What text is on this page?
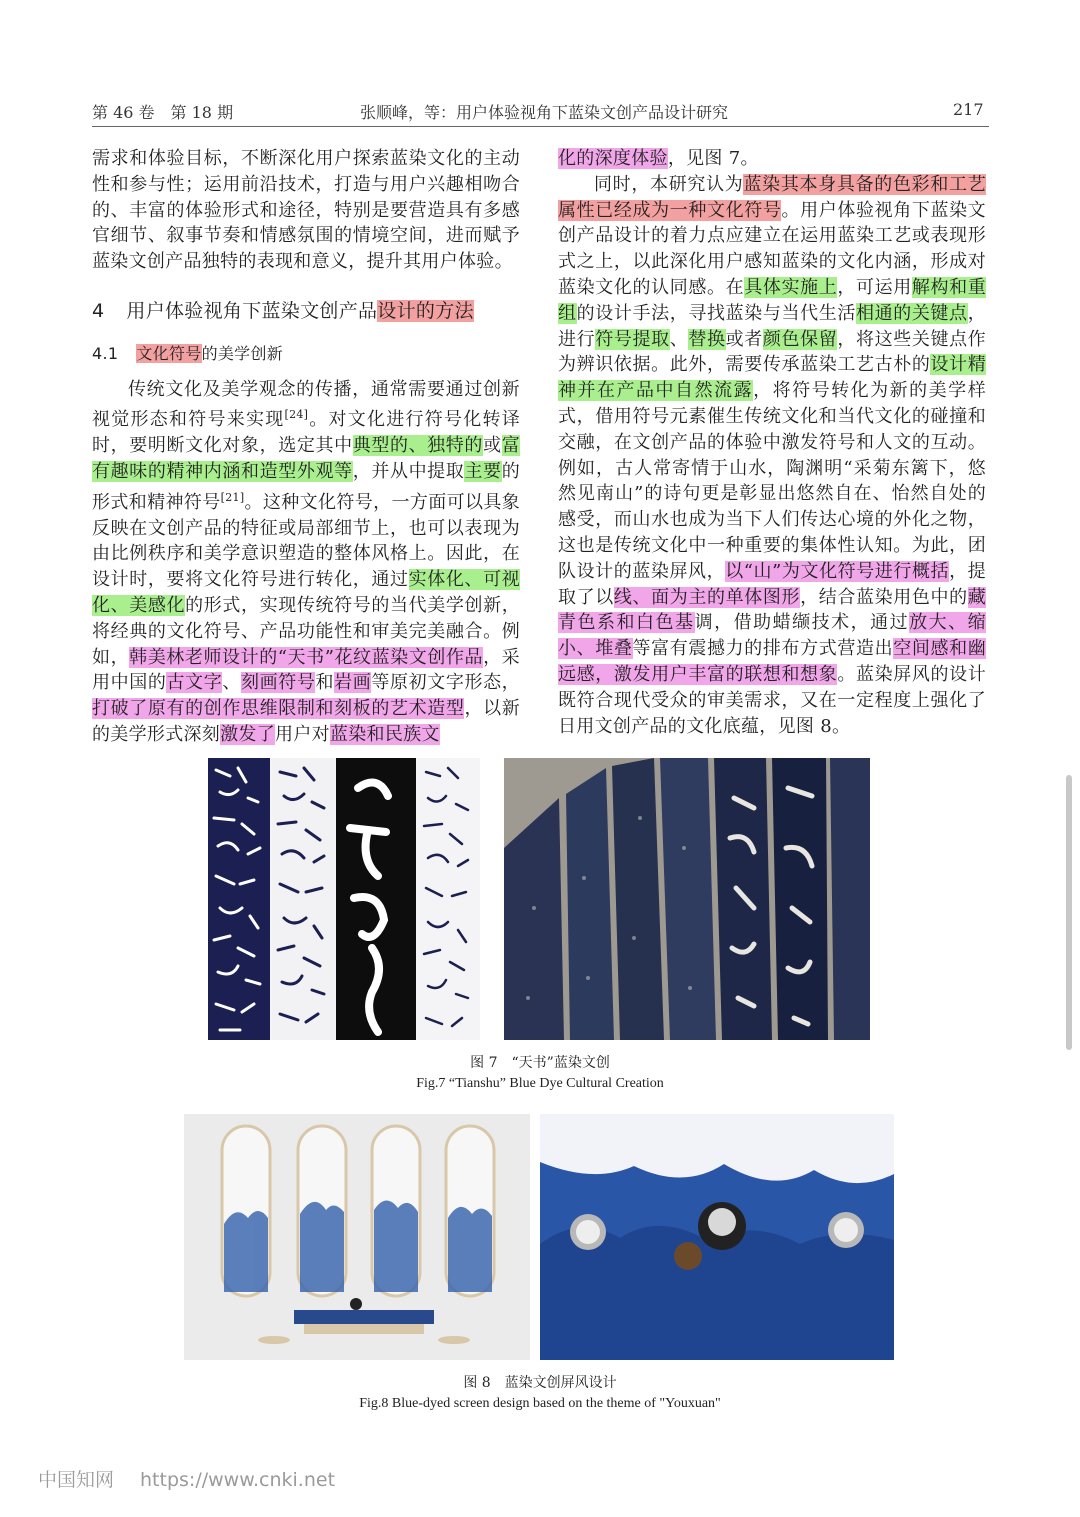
第 46 卷　第 18 期	张顺峰，等：用户体验视角下蓝染文创产品设计研究	217

需求和体验目标，不断深化用户探索蓝染文化的主动性和参与性；运用前沿技术，打造与用户兴趣相吻合的、丰富的体验形式和途径，特别是要营造具有多感官细节、叙事节奏和情感氛围的情境空间，进而赋予蓝染文创产品独特的表现和意义，提升其用户体验。

4 用户体验视角下蓝染文创产品设计的方法
4.1 文化符号的美学创新

传统文化及美学观念的传播，通常需要通过创新视觉形态和符号来实现[24]。对文化进行符号化转译时，要明断文化对象，选定其中典型的、独特的或富有趣味的精神内涵和造型外观等，并从中提取主要的形式和精神符号[21]。这种文化符号，一方面可以具象反映在文创产品的特征或局部细节上，也可以表现为由比例秩序和美学意识塑造的整体风格上。因此，在设计时，要将文化符号进行转化，通过实体化、可视化、美感化的形式，实现传统符号的当代美学创新，将经典的文化符号、产品功能性和审美完美融合。例如，韩美林老师设计的“天书”花纹蓝染文创作品，采用中国的古文字、刻画符号和岩画等原初文字形态，打破了原有的创作思维限制和刻板的艺术造型，以新的美学形式深刻激发了用户对蓝染和民族文

化的深度体验，见图 7。

同时，本研究认为蓝染其本身具备的色彩和工艺属性已经成为一种文化符号。用户体验视角下蓝染文创产品设计的着力点应建立在运用蓝染工艺或表现形式之上，以此深化用户感知蓝染的文化内涵，形成对蓝染文化的认同感。在具体实施上，可运用解构和重组的设计手法，寻找蓝染与当代生活相通的关键点，进行符号提取、替换或者颜色保留，将这些关键点作为辨识依据。此外，需要传承蓝染工艺古朴的设计精神并在产品中自然流露，将符号转化为新的美学样式，借用符号元素催生传统文化和当代文化的碰撞和交融，在文创产品的体验中激发符号和人文的互动。例如，古人常寄情于山水，陶渊明“采菊东篱下，悠然见南山”的诗句更是彰显出悠然自在、怡然自处的感受，而山水也成为当下人们传达心境的外化之物，这也是传统文化中一种重要的集体性认知。为此，团队设计的蓝染屏风，以“山”为文化符号进行概括，提取了以线、面为主的单体图形，结合蓝染用色中的藏青色系和白色基调，借助蜡缬技术，通过放大、缩小、堆叠等富有震撼力的排布方式营造出空间感和幽远感，激发用户丰富的联想和想象。蓝染屏风的设计既符合现代受众的审美需求，又在一定程度上强化了日用文创产品的文化底蕴，见图 8。

图 7　“天书”蓝染文创
Fig.7 “Tianshu” Blue Dye Cultural Creation
图 8　蓝染文创屏风设计
Fig.8 Blue-dyed screen design based on the theme of "Youxuan"
中国知网 https://www.cnki.net
